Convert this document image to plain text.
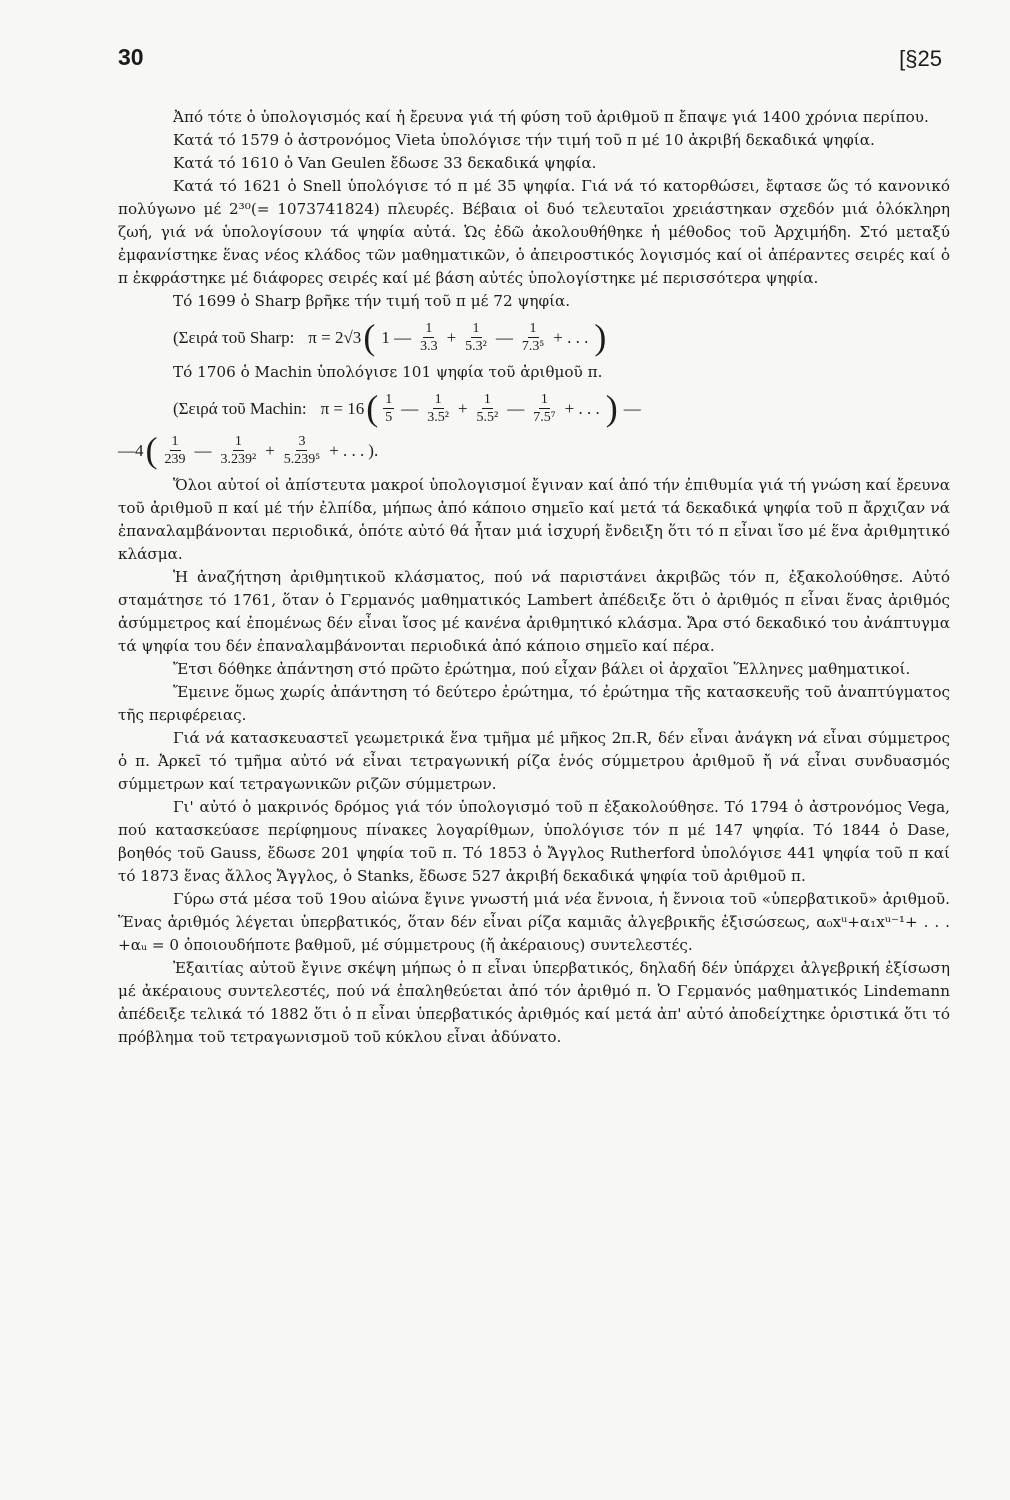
30	[§25

Ἀπό τότε ὁ ὑπολογισμός καί ἡ ἔρευνα γιά τή φύση τοῦ ἀριθμοῦ π ἔπαψε γιά 1400 χρόνια περίπου.

Κατά τό 1579 ὁ ἀστρονόμος Vieta ὑπολόγισε τήν τιμή τοῦ π μέ 10 ἀκριβή δεκαδικά ψηφία.

Κατά τό 1610 ὁ Van Geulen ἔδωσε 33 δεκαδικά ψηφία.

Κατά τό 1621 ὁ Snell ὑπολόγισε τό π μέ 35 ψηφία. Γιά νά τό κατορθώσει, ἔφτασε ὥς τό κανονικό πολύγωνο μέ 2³⁰(= 1073741824) πλευρές. Βέβαια οἱ δυό τελευταῖοι χρειάστηκαν σχεδόν μιά ὁλόκληρη ζωή, γιά νά ὑπολογίσουν τά ψηφία αὐτά. Ὡς ἐδῶ ἀκολουθήθηκε ἡ μέθοδος τοῦ Ἀρχιμήδη. Στό μεταξύ ἐμφανίστηκε ἕνας νέος κλάδος τῶν μαθηματικῶν, ὁ ἀπειροστικός λογισμός καί οἱ ἀπέραντες σειρές καί ὁ π ἐκφράστηκε μέ διάφορες σειρές καί μέ βάση αὐτές ὑπολογίστηκε μέ περισσότερα ψηφία.

Τό 1699 ὁ Sharp βρῆκε τήν τιμή τοῦ π μέ 72 ψηφία.

(Σειρά τοῦ Sharp: π = 2√3 ( 1 — $\frac{1}{3.3} + \frac{1}{\text{5.3²}}$ — $\frac{1}{\text{7.3⁵}}$ + . . . )

Τό 1706 ὁ Machin ὑπολόγισε 101 ψηφία τοῦ ἀριθμοῦ π.

(Σειρά τοῦ Machin: π = 16 ( $\frac{1}{5}$ — $\frac{1}{\text{3.5²}} + \frac{1}{\text{5.5²}}$ — $\frac{1}{\text{7.5⁷}}$ + . . . ) —
—4 ( $\frac{1}{239}$ — $\frac{1}{\text{3.239²}} + \frac{3}{\text{5.239⁵}}$ + . . . ).

Ὅλοι αὐτοί οἱ ἀπίστευτα μακροί ὑπολογισμοί ἔγιναν καί ἀπό τήν ἐπιθυμία γιά τή γνώση καί ἔρευνα τοῦ ἀριθμοῦ π καί μέ τήν ἐλπίδα, μήπως ἀπό κάποιο σημεῖο καί μετά τά δεκαδικά ψηφία τοῦ π ἄρχιζαν νά ἐπαναλαμβάνονται περιοδικά, ὁπότε αὐτό θά ἦταν μιά ἰσχυρή ἔνδειξη ὅτι τό π εἶναι ἴσο μέ ἕνα ἀριθμητικό κλάσμα.

Ἡ ἀναζήτηση ἀριθμητικοῦ κλάσματος, πού νά παριστάνει ἀκριβῶς τόν π, ἐξακολούθησε. Αὐτό σταμάτησε τό 1761, ὅταν ὁ Γερμανός μαθηματικός Lambert ἀπέδειξε ὅτι ὁ ἀριθμός π εἶναι ἕνας ἀριθμός ἀσύμμετρος καί ἐπομένως δέν εἶναι ἴσος μέ κανένα ἀριθμητικό κλάσμα. Ἄρα στό δεκαδικό του ἀνάπτυγμα τά ψηφία του δέν ἐπαναλαμβάνονται περιοδικά ἀπό κάποιο σημεῖο καί πέρα.

Ἔτσι δόθηκε ἀπάντηση στό πρῶτο ἐρώτημα, πού εἶχαν βάλει οἱ ἀρχαῖοι Ἕλληνες μαθηματικοί.

Ἔμεινε ὅμως χωρίς ἀπάντηση τό δεύτερο ἐρώτημα, τό ἐρώτημα τῆς κατασκευῆς τοῦ ἀναπτύγματος τῆς περιφέρειας.

Γιά νά κατασκευαστεῖ γεωμετρικά ἕνα τμῆμα μέ μῆκος 2π.R, δέν εἶναι ἀνάγκη νά εἶναι σύμμετρος ὁ π. Ἀρκεῖ τό τμῆμα αὐτό νά εἶναι τετραγωνική ρίζα ἑνός σύμμετρου ἀριθμοῦ ἤ νά εἶναι συνδυασμός σύμμετρων καί τετραγωνικῶν ριζῶν σύμμετρων.

Γι' αὐτό ὁ μακρινός δρόμος γιά τόν ὑπολογισμό τοῦ π ἐξακολούθησε. Τό 1794 ὁ ἀστρονόμος Vega, πού κατασκεύασε περίφημους πίνακες λογαρίθμων, ὑπολόγισε τόν π μέ 147 ψηφία. Τό 1844 ὁ Dase, βοηθός τοῦ Gauss, ἔδωσε 201 ψηφία τοῦ π. Τό 1853 ὁ Ἄγγλος Rutherford ὑπολόγισε 441 ψηφία τοῦ π καί τό 1873 ἕνας ἄλλος Ἄγγλος, ὁ Stanks, ἔδωσε 527 ἀκριβή δεκαδικά ψηφία τοῦ ἀριθμοῦ π.

Γύρω στά μέσα τοῦ 19ου αἰώνα ἔγινε γνωστή μιά νέα ἔννοια, ἡ ἔννοια τοῦ «ὑπερβατικοῦ» ἀριθμοῦ. Ἕνας ἀριθμός λέγεται ὑπερβατικός, ὅταν δέν εἶναι ρίζα καμιᾶς ἀλγεβρικῆς ἐξισώσεως, α₀xᵘ+α₁xᵘ⁻¹+ . . . +αᵤ = 0 ὁποιουδήποτε βαθμοῦ, μέ σύμμετρους (ἤ ἀκέραιους) συντελεστές.

Ἐξαιτίας αὐτοῦ ἔγινε σκέψη μήπως ὁ π εἶναι ὑπερβατικός, δηλαδή δέν ὑπάρχει ἀλγεβρική ἐξίσωση μέ ἀκέραιους συντελεστές, πού νά ἐπαληθεύεται ἀπό τόν ἀριθμό π. Ὁ Γερμανός μαθηματικός Lindemann ἀπέδειξε τελικά τό 1882 ὅτι ὁ π εἶναι ὑπερβατικός ἀριθμός καί μετά ἀπ' αὐτό ἀποδείχτηκε ὁριστικά ὅτι τό πρόβλημα τοῦ τετραγωνισμοῦ τοῦ κύκλου εἶναι ἀδύνατο.
